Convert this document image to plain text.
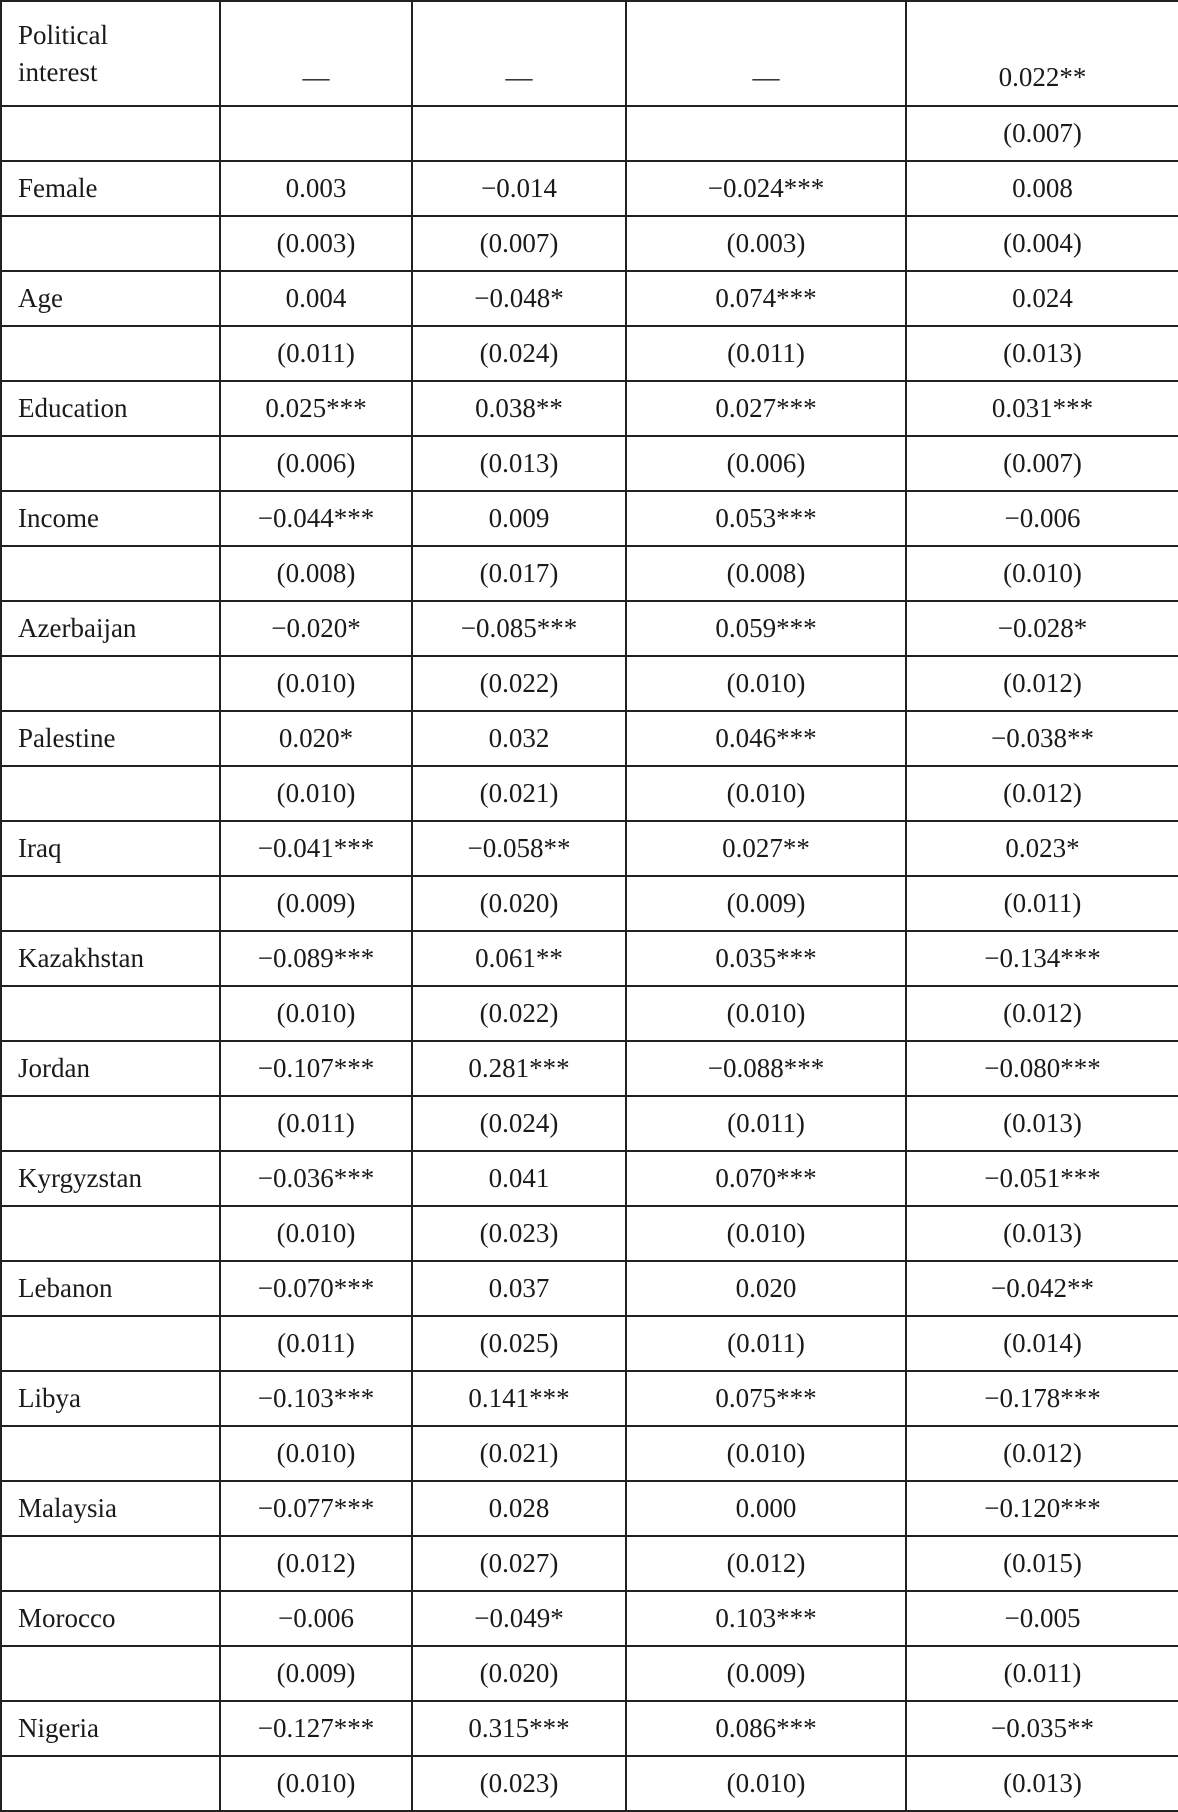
Political
interest	—	—	—	0.022**
				(0.007)
Female	0.003	−0.014	−0.024***	0.008
	(0.003)	(0.007)	(0.003)	(0.004)
Age	0.004	−0.048*	0.074***	0.024
	(0.011)	(0.024)	(0.011)	(0.013)
Education	0.025***	0.038**	0.027***	0.031***
	(0.006)	(0.013)	(0.006)	(0.007)
Income	−0.044***	0.009	0.053***	−0.006
	(0.008)	(0.017)	(0.008)	(0.010)
Azerbaijan	−0.020*	−0.085***	0.059***	−0.028*
	(0.010)	(0.022)	(0.010)	(0.012)
Palestine	0.020*	0.032	0.046***	−0.038**
	(0.010)	(0.021)	(0.010)	(0.012)
Iraq	−0.041***	−0.058**	0.027**	0.023*
	(0.009)	(0.020)	(0.009)	(0.011)
Kazakhstan	−0.089***	0.061**	0.035***	−0.134***
	(0.010)	(0.022)	(0.010)	(0.012)
Jordan	−0.107***	0.281***	−0.088***	−0.080***
	(0.011)	(0.024)	(0.011)	(0.013)
Kyrgyzstan	−0.036***	0.041	0.070***	−0.051***
	(0.010)	(0.023)	(0.010)	(0.013)
Lebanon	−0.070***	0.037	0.020	−0.042**
	(0.011)	(0.025)	(0.011)	(0.014)
Libya	−0.103***	0.141***	0.075***	−0.178***
	(0.010)	(0.021)	(0.010)	(0.012)
Malaysia	−0.077***	0.028	0.000	−0.120***
	(0.012)	(0.027)	(0.012)	(0.015)
Morocco	−0.006	−0.049*	0.103***	−0.005
	(0.009)	(0.020)	(0.009)	(0.011)
Nigeria	−0.127***	0.315***	0.086***	−0.035**
	(0.010)	(0.023)	(0.010)	(0.013)
